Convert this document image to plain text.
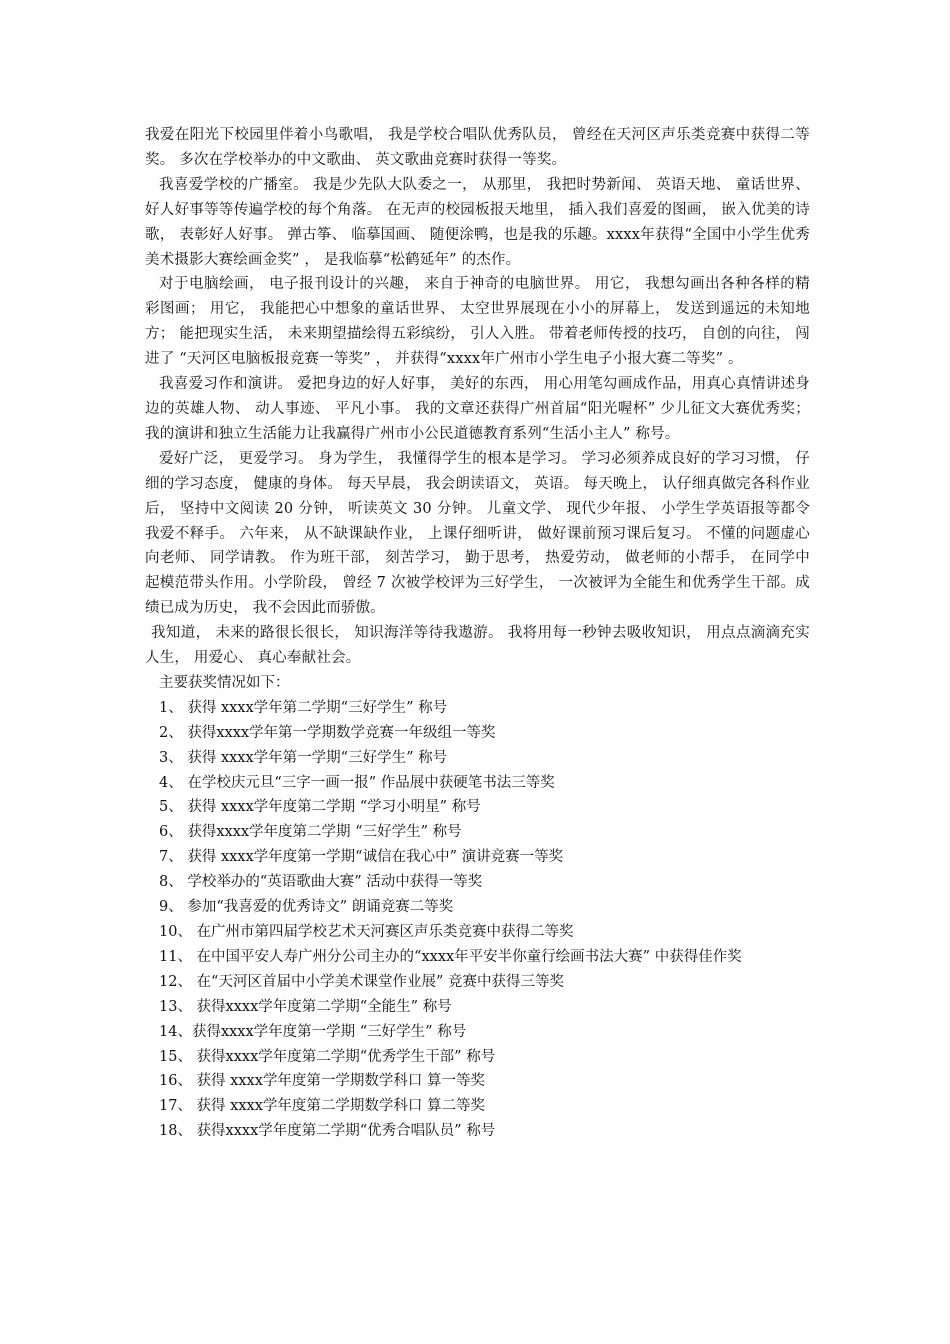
我爱在阳光下校园里伴着小鸟歌唱， 我是学校合唱队优秀队员， 曾经在天河区声乐类竞赛中获得二等奖。 多次在学校举办的中文歌曲、 英文歌曲竞赛时获得一等奖。

我喜爱学校的广播室。 我是少先队大队委之一， 从那里， 我把时势新闻、 英语天地、 童话世界、 好人好事等等传遍学校的每个角落。 在无声的校园板报天地里， 插入我们喜爱的图画， 嵌入优美的诗歌， 表彰好人好事。 弹古筝、 临摹国画、 随便涂鸭，也是我的乐趣。xxxx年获得“全国中小学生优秀美术摄影大赛绘画金奖” ， 是我临摹“松鹤延年” 的杰作。

对于电脑绘画， 电子报刊设计的兴趣， 来自于神奇的电脑世界。 用它， 我想勾画出各种各样的精彩图画； 用它， 我能把心中想象的童话世界、 太空世界展现在小小的屏幕上， 发送到遥远的未知地方； 能把现实生活， 未来期望描绘得五彩缤纷， 引人入胜。 带着老师传授的技巧， 自创的向往， 闯进了 “天河区电脑板报竞赛一等奖” ， 并获得“xxxx年广州市小学生电子小报大赛二等奖” 。

我喜爱习作和演讲。 爱把身边的好人好事， 美好的东西， 用心用笔勾画成作品，用真心真情讲述身边的英雄人物、 动人事迹、 平凡小事。 我的文章还获得广州首届“阳光喔杯” 少儿征文大赛优秀奖； 我的演讲和独立生活能力让我赢得广州市小公民道德教育系列“生活小主人” 称号。

爱好广泛， 更爱学习。 身为学生， 我懂得学生的根本是学习。 学习必须养成良好的学习习惯， 仔细的学习态度， 健康的身体。 每天早晨， 我会朗读语文， 英语。 每天晚上， 认仔细真做完各科作业后， 坚持中文阅读 20 分钟， 听读英文 30 分钟。 儿童文学、 现代少年报、 小学生学英语报等都令我爱不释手。 六年来， 从不缺课缺作业， 上课仔细听讲， 做好课前预习课后复习。 不懂的问题虚心向老师、 同学请教。 作为班干部， 刻苦学习， 勤于思考， 热爱劳动， 做老师的小帮手， 在同学中起模范带头作用。小学阶段， 曾经 7 次被学校评为三好学生， 一次被评为全能生和优秀学生干部。成绩已成为历史， 我不会因此而骄傲。

我知道， 未来的路很长很长， 知识海洋等待我遨游。 我将用每一秒钟去吸收知识， 用点点滴滴充实人生， 用爱心、 真心奉献社会。

主要获奖情况如下：

1、 获得 xxxx学年第二学期“三好学生” 称号
2、 获得xxxx学年第一学期数学竞赛一年级组一等奖
3、 获得 xxxx学年第一学期“三好学生” 称号
4、 在学校庆元旦“三字一画一报” 作品展中获硬笔书法三等奖
5、 获得 xxxx学年度第二学期 “学习小明星” 称号
6、 获得xxxx学年度第二学期 “三好学生” 称号
7、 获得 xxxx学年度第一学期“诚信在我心中” 演讲竞赛一等奖
8、 学校举办的“英语歌曲大赛” 活动中获得一等奖
9、 参加“我喜爱的优秀诗文” 朗诵竞赛二等奖
10、 在广州市第四届学校艺术天河赛区声乐类竞赛中获得二等奖
11、 在中国平安人寿广州分公司主办的“xxxx年平安半你童行绘画书法大赛” 中获得佳作奖
12、 在“天河区首届中小学美术课堂作业展” 竞赛中获得三等奖
13、 获得xxxx学年度第二学期“全能生” 称号
14、获得xxxx学年度第一学期 “三好学生” 称号
15、 获得xxxx学年度第二学期“优秀学生干部” 称号
16、 获得 xxxx学年度第一学期数学科口 算一等奖
17、 获得 xxxx学年度第二学期数学科口 算二等奖
18、 获得xxxx学年度第二学期“优秀合唱队员” 称号
